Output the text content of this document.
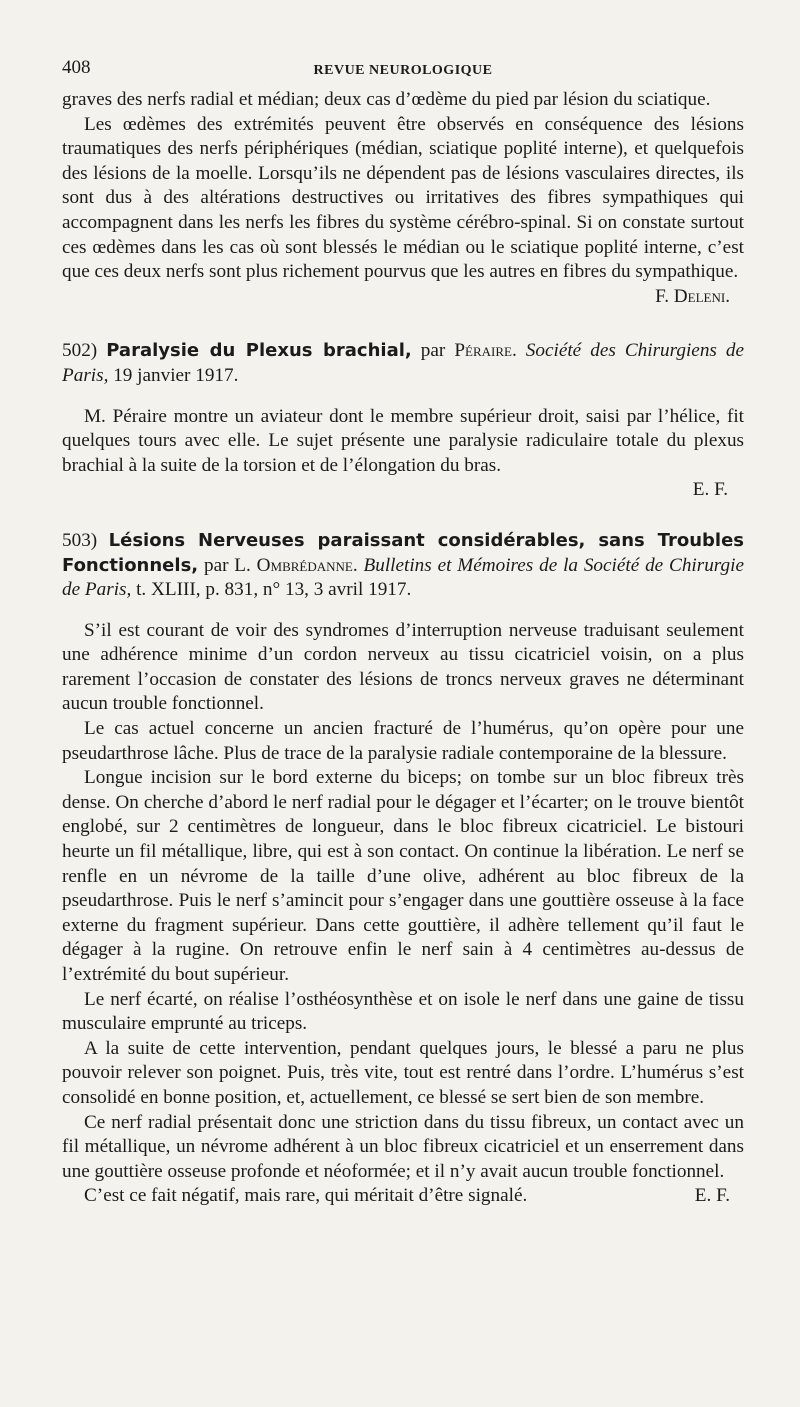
408	REVUE NEUROLOGIQUE

graves des nerfs radial et médian; deux cas d’œdème du pied par lésion du sciatique.

Les œdèmes des extrémités peuvent être observés en conséquence des lésions traumatiques des nerfs périphériques (médian, sciatique poplité interne), et quelquefois des lésions de la moelle. Lorsqu’ils ne dépendent pas de lésions vasculaires directes, ils sont dus à des altérations destructives ou irritatives des fibres sympathiques qui accompagnent dans les nerfs les fibres du système cérébro-spinal. Si on constate surtout ces œdèmes dans les cas où sont blessés le médian ou le sciatique poplité interne, c’est que ces deux nerfs sont plus richement pourvus que les autres en fibres du sympathique.
F. Deleni.

502) Paralysie du Plexus brachial, par Péraire. Société des Chirurgiens de Paris, 19 janvier 1917.

M. Péraire montre un aviateur dont le membre supérieur droit, saisi par l’hélice, fit quelques tours avec elle. Le sujet présente une paralysie radiculaire totale du plexus brachial à la suite de la torsion et de l’élongation du bras.

E. F.
503) Lésions Nerveuses paraissant considérables, sans Troubles Fonctionnels, par L. Ombrédanne. Bulletins et Mémoires de la Société de Chirurgie de Paris, t. XLIII, p. 831, n° 13, 3 avril 1917.

S’il est courant de voir des syndromes d’interruption nerveuse traduisant seulement une adhérence minime d’un cordon nerveux au tissu cicatriciel voisin, on a plus rarement l’occasion de constater des lésions de troncs nerveux graves ne déterminant aucun trouble fonctionnel.

Le cas actuel concerne un ancien fracturé de l’humérus, qu’on opère pour une pseudarthrose lâche. Plus de trace de la paralysie radiale contemporaine de la blessure.

Longue incision sur le bord externe du biceps; on tombe sur un bloc fibreux très dense. On cherche d’abord le nerf radial pour le dégager et l’écarter; on le trouve bientôt englobé, sur 2 centimètres de longueur, dans le bloc fibreux cicatriciel. Le bistouri heurte un fil métallique, libre, qui est à son contact. On continue la libération. Le nerf se renfle en un névrome de la taille d’une olive, adhérent au bloc fibreux de la pseudarthrose. Puis le nerf s’amincit pour s’engager dans une gouttière osseuse à la face externe du fragment supérieur. Dans cette gouttière, il adhère tellement qu’il faut le dégager à la rugine. On retrouve enfin le nerf sain à 4 centimètres au-dessus de l’extrémité du bout supérieur.

Le nerf écarté, on réalise l’osthéosynthèse et on isole le nerf dans une gaine de tissu musculaire emprunté au triceps.

A la suite de cette intervention, pendant quelques jours, le blessé a paru ne plus pouvoir relever son poignet. Puis, très vite, tout est rentré dans l’ordre. L’humérus s’est consolidé en bonne position, et, actuellement, ce blessé se sert bien de son membre.

Ce nerf radial présentait donc une striction dans du tissu fibreux, un contact avec un fil métallique, un névrome adhérent à un bloc fibreux cicatriciel et un enserrement dans une gouttière osseuse profonde et néoformée; et il n’y avait aucun trouble fonctionnel.

C’est ce fait négatif, mais rare, qui méritait d’être signalé.	E. F.
